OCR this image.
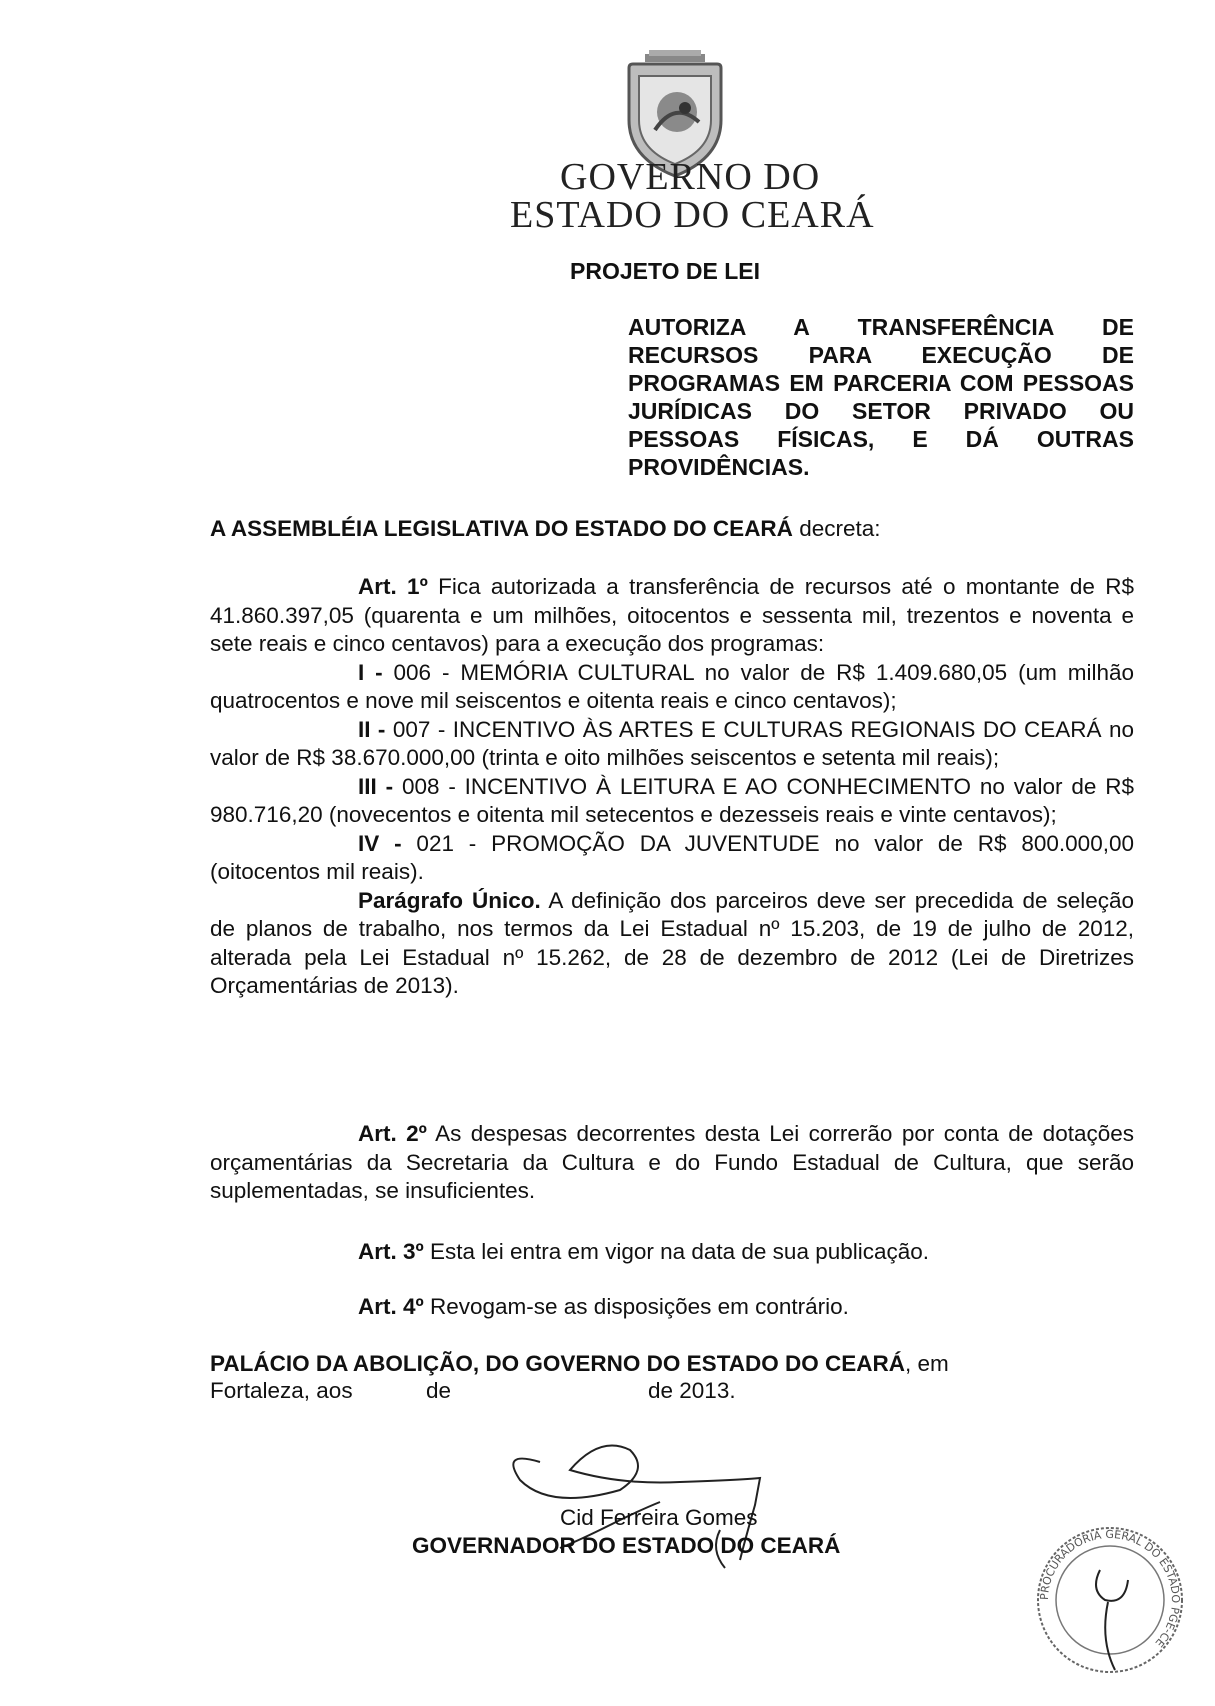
GOVERNO DO
ESTADO DO CEARÁ
PROJETO DE LEI
AUTORIZA A TRANSFERÊNCIA DE RECURSOS PARA EXECUÇÃO DE PROGRAMAS EM PARCERIA COM PESSOAS JURÍDICAS DO SETOR PRIVADO OU PESSOAS FÍSICAS, E DÁ OUTRAS PROVIDÊNCIAS.
A ASSEMBLÉIA LEGISLATIVA DO ESTADO DO CEARÁ decreta:

Art. 1º Fica autorizada a transferência de recursos até o montante de R$ 41.860.397,05 (quarenta e um milhões, oitocentos e sessenta mil, trezentos e noventa e sete reais e cinco centavos) para a execução dos programas:

I - 006 - MEMÓRIA CULTURAL no valor de R$ 1.409.680,05 (um milhão quatrocentos e nove mil seiscentos e oitenta reais e cinco centavos);

II - 007 - INCENTIVO ÀS ARTES E CULTURAS REGIONAIS DO CEARÁ no valor de R$ 38.670.000,00 (trinta e oito milhões seiscentos e setenta mil reais);

III - 008 - INCENTIVO À LEITURA E AO CONHECIMENTO no valor de R$ 980.716,20 (novecentos e oitenta mil setecentos e dezesseis reais e vinte centavos);

IV - 021 - PROMOÇÃO DA JUVENTUDE no valor de R$ 800.000,00 (oitocentos mil reais).

Parágrafo Único. A definição dos parceiros deve ser precedida de seleção de planos de trabalho, nos termos da Lei Estadual nº 15.203, de 19 de julho de 2012, alterada pela Lei Estadual nº 15.262, de 28 de dezembro de 2012 (Lei de Diretrizes Orçamentárias de 2013).

Art. 2º As despesas decorrentes desta Lei correrão por conta de dotações orçamentárias da Secretaria da Cultura e do Fundo Estadual de Cultura, que serão suplementadas, se insuficientes.

Art. 3º Esta lei entra em vigor na data de sua publicação.

Art. 4º Revogam-se as disposições em contrário.

PALÁCIO DA ABOLIÇÃO, DO GOVERNO DO ESTADO DO CEARÁ, em

Fortaleza, aos	de	de 2013.
Cid Ferreira Gomes
GOVERNADOR DO ESTADO DO CEARÁ
PROCURADORIA GERAL DO ESTADO PGE-CE
